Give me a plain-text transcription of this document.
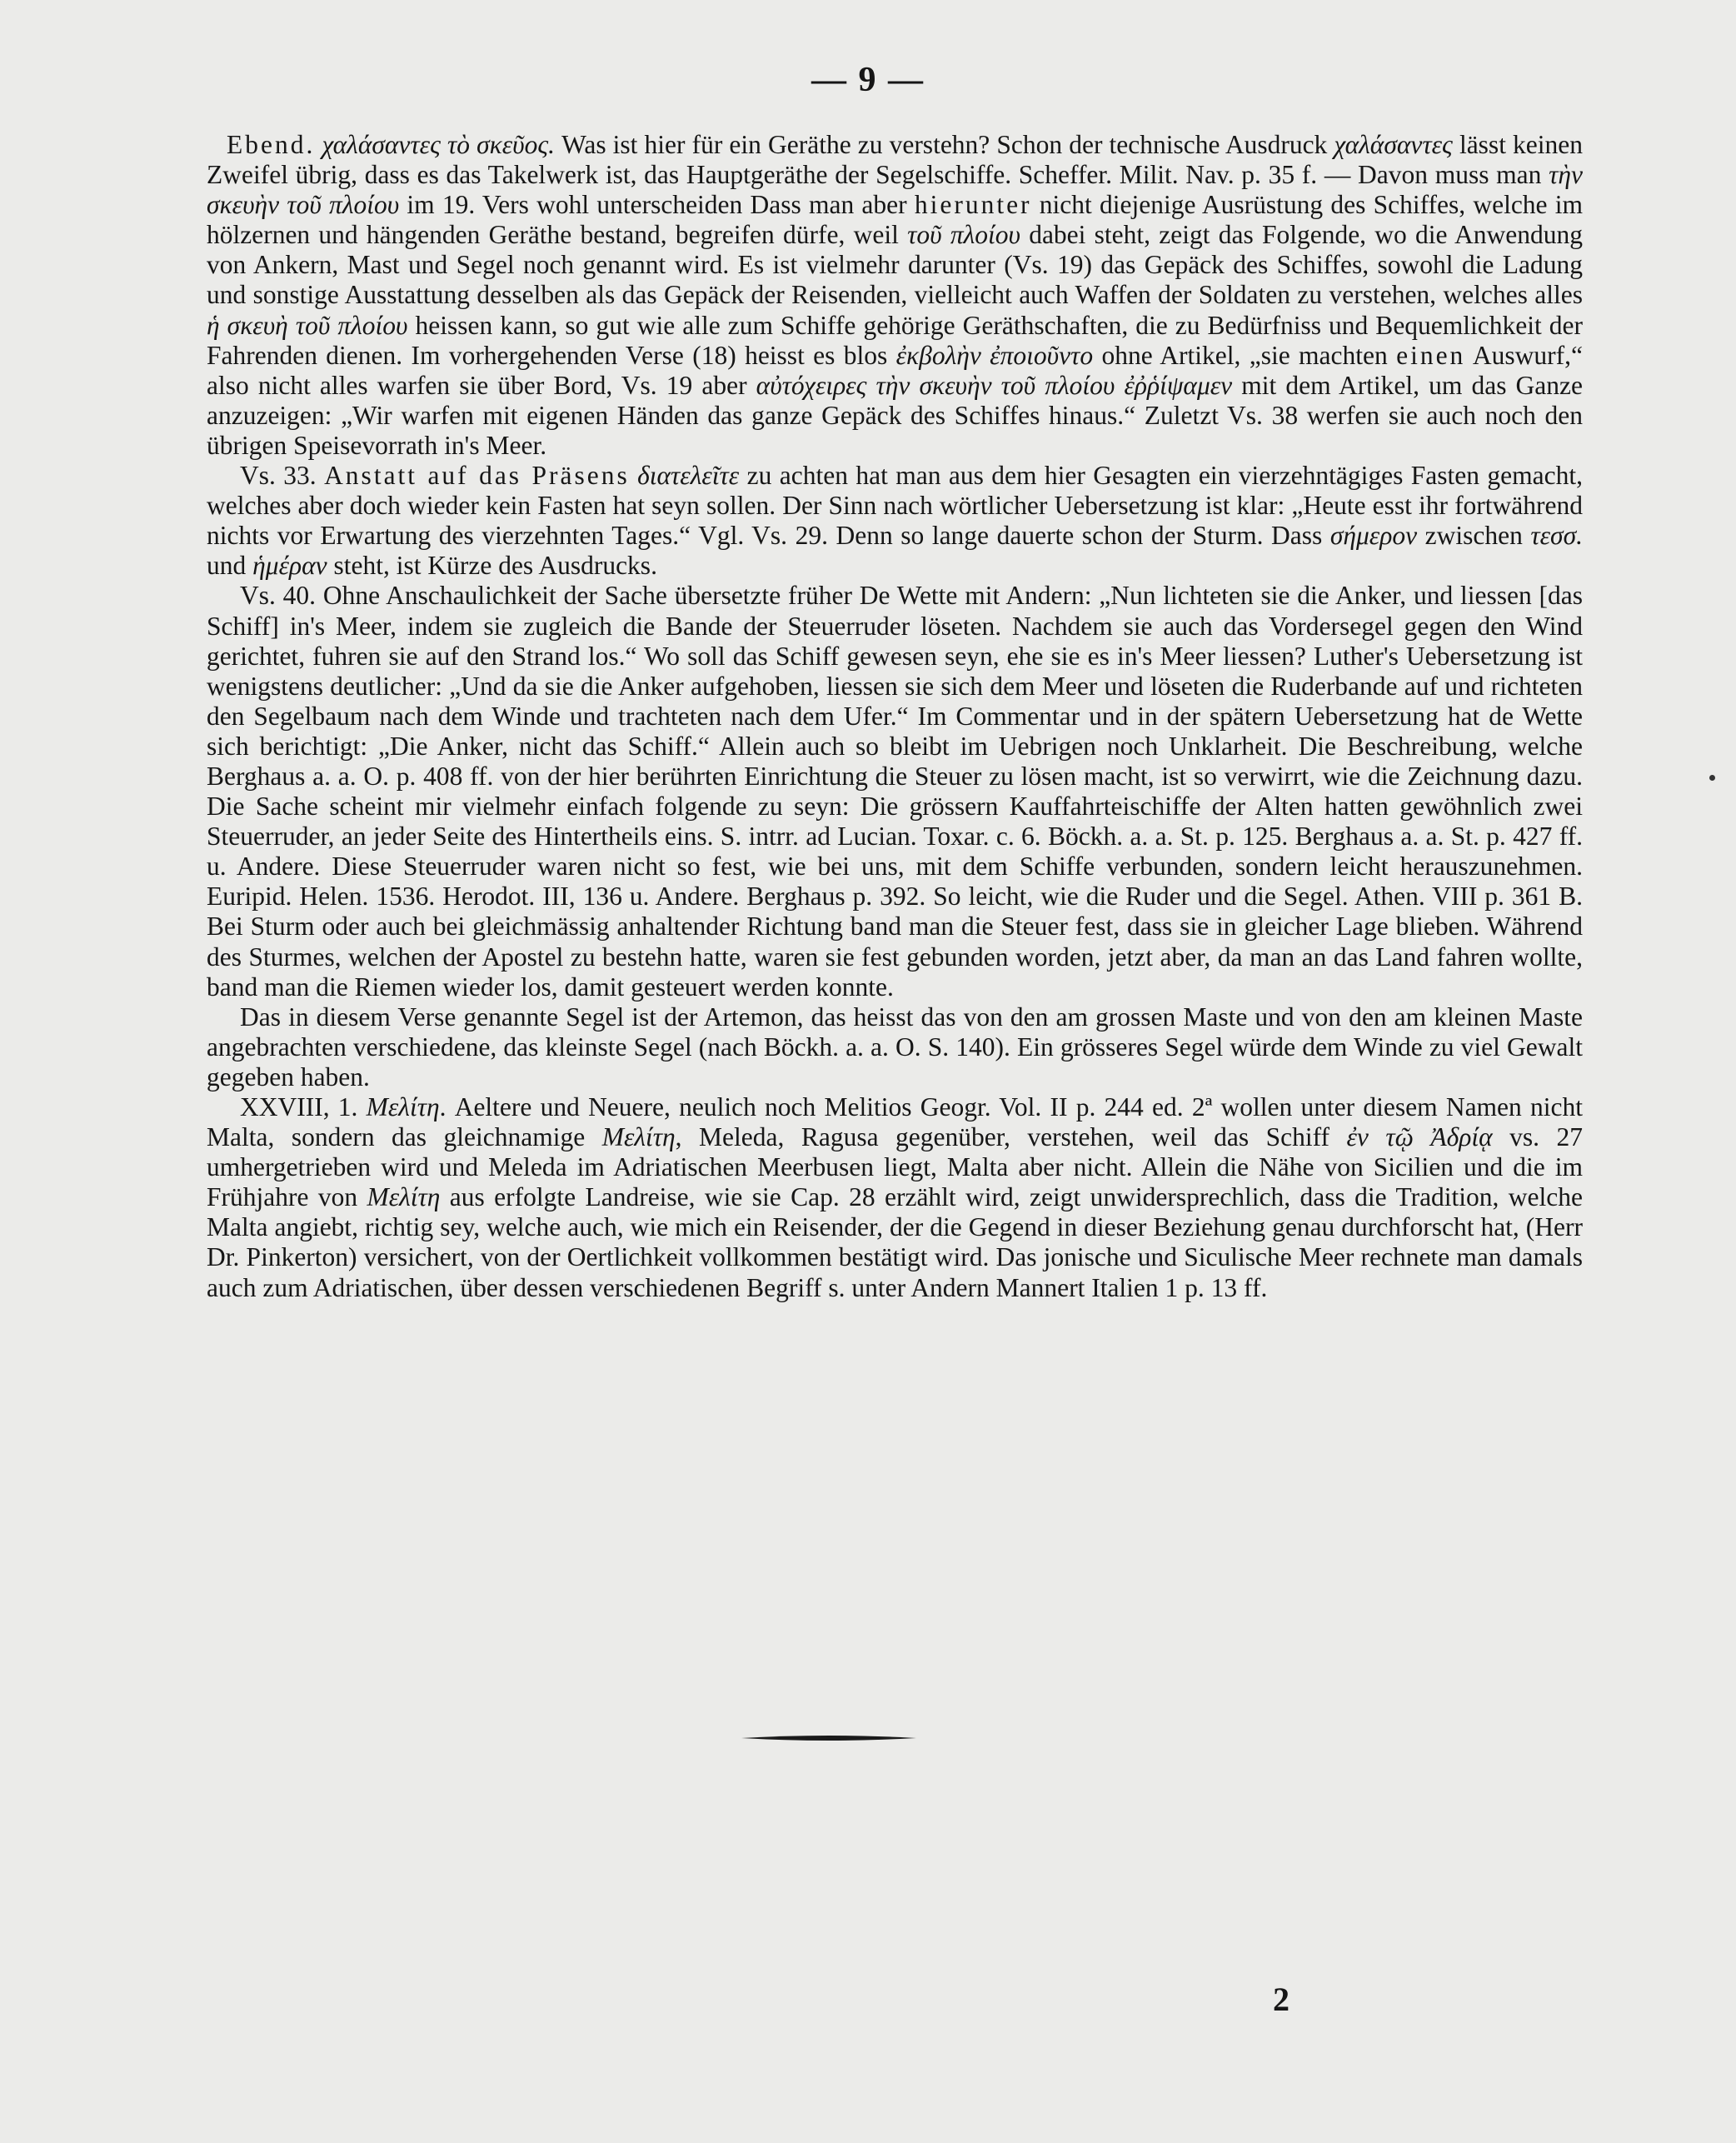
— 9 —

Ebend. χαλάσαντες τὸ σκεῦος. Was ist hier für ein Geräthe zu verstehn? Schon der technische Ausdruck χαλάσαντες lässt keinen Zweifel übrig, dass es das Takelwerk ist, das Hauptgeräthe der Segelschiffe. Scheffer. Milit. Nav. p. 35 f. — Davon muss man τὴν σκευὴν τοῦ πλοίου im 19. Vers wohl unterscheiden Dass man aber hierunter nicht diejenige Ausrüstung des Schiffes, welche im hölzernen und hängenden Geräthe bestand, begreifen dürfe, weil τοῦ πλοίου dabei steht, zeigt das Folgende, wo die Anwendung von Ankern, Mast und Segel noch genannt wird. Es ist vielmehr darunter (Vs. 19) das Gepäck des Schiffes, sowohl die Ladung und sonstige Ausstattung desselben als das Gepäck der Reisenden, vielleicht auch Waffen der Soldaten zu verstehen, welches alles ἡ σκευὴ τοῦ πλοίου heissen kann, so gut wie alle zum Schiffe gehörige Geräthschaften, die zu Bedürfniss und Bequemlichkeit der Fahrenden dienen. Im vorhergehenden Verse (18) heisst es blos ἐκβολὴν ἐποιοῦντο ohne Artikel, „sie machten einen Auswurf,“ also nicht alles warfen sie über Bord, Vs. 19 aber αὐτόχειρες τὴν σκευὴν τοῦ πλοίου ἐῤῥίψαμεν mit dem Artikel, um das Ganze anzuzeigen: „Wir warfen mit eigenen Händen das ganze Gepäck des Schiffes hinaus.“ Zuletzt Vs. 38 werfen sie auch noch den übrigen Speisevorrath in's Meer.

Vs. 33. Anstatt auf das Präsens διατελεῖτε zu achten hat man aus dem hier Gesagten ein vierzehntägiges Fasten gemacht, welches aber doch wieder kein Fasten hat seyn sollen. Der Sinn nach wörtlicher Uebersetzung ist klar: „Heute esst ihr fortwährend nichts vor Erwartung des vierzehnten Tages.“ Vgl. Vs. 29. Denn so lange dauerte schon der Sturm. Dass σήμερον zwischen τεσσ. und ἡμέραν steht, ist Kürze des Ausdrucks.

Vs. 40. Ohne Anschaulichkeit der Sache übersetzte früher De Wette mit Andern: „Nun lichteten sie die Anker, und liessen [das Schiff] in's Meer, indem sie zugleich die Bande der Steuerruder löseten. Nachdem sie auch das Vordersegel gegen den Wind gerichtet, fuhren sie auf den Strand los.“ Wo soll das Schiff gewesen seyn, ehe sie es in's Meer liessen? Luther's Uebersetzung ist wenigstens deutlicher: „Und da sie die Anker aufgehoben, liessen sie sich dem Meer und löseten die Ruderbande auf und richteten den Segelbaum nach dem Winde und trachteten nach dem Ufer.“ Im Commentar und in der spätern Uebersetzung hat de Wette sich berichtigt: „Die Anker, nicht das Schiff.“ Allein auch so bleibt im Uebrigen noch Unklarheit. Die Beschreibung, welche Berghaus a. a. O. p. 408 ff. von der hier berührten Einrichtung die Steuer zu lösen macht, ist so verwirrt, wie die Zeichnung dazu. Die Sache scheint mir vielmehr einfach folgende zu seyn: Die grössern Kauffahrteischiffe der Alten hatten gewöhnlich zwei Steuerruder, an jeder Seite des Hintertheils eins. S. intrr. ad Lucian. Toxar. c. 6. Böckh. a. a. St. p. 125. Berghaus a. a. St. p. 427 ff. u. Andere. Diese Steuerruder waren nicht so fest, wie bei uns, mit dem Schiffe verbunden, sondern leicht herauszunehmen. Euripid. Helen. 1536. Herodot. III, 136 u. Andere. Berghaus p. 392. So leicht, wie die Ruder und die Segel. Athen. VIII p. 361 B. Bei Sturm oder auch bei gleichmässig anhaltender Richtung band man die Steuer fest, dass sie in gleicher Lage blieben. Während des Sturmes, welchen der Apostel zu bestehn hatte, waren sie fest gebunden worden, jetzt aber, da man an das Land fahren wollte, band man die Riemen wieder los, damit gesteuert werden konnte.

Das in diesem Verse genannte Segel ist der Artemon, das heisst das von den am grossen Maste und von den am kleinen Maste angebrachten verschiedene, das kleinste Segel (nach Böckh. a. a. O. S. 140). Ein grösseres Segel würde dem Winde zu viel Gewalt gegeben haben.

XXVIII, 1. Μελίτη. Aeltere und Neuere, neulich noch Melitios Geogr. Vol. II p. 244 ed. 2ª wollen unter diesem Namen nicht Malta, sondern das gleichnamige Μελίτη, Meleda, Ragusa gegenüber, verstehen, weil das Schiff ἐν τῷ Ἀδρίᾳ vs. 27 umhergetrieben wird und Meleda im Adriatischen Meerbusen liegt, Malta aber nicht. Allein die Nähe von Sicilien und die im Frühjahre von Μελίτη aus erfolgte Landreise, wie sie Cap. 28 erzählt wird, zeigt unwidersprechlich, dass die Tradition, welche Malta angiebt, richtig sey, welche auch, wie mich ein Reisender, der die Gegend in dieser Beziehung genau durchforscht hat, (Herr Dr. Pinkerton) versichert, von der Oertlichkeit vollkommen bestätigt wird. Das jonische und Siculische Meer rechnete man damals auch zum Adriatischen, über dessen verschiedenen Begriff s. unter Andern Mannert Italien 1 p. 13 ff.

2
